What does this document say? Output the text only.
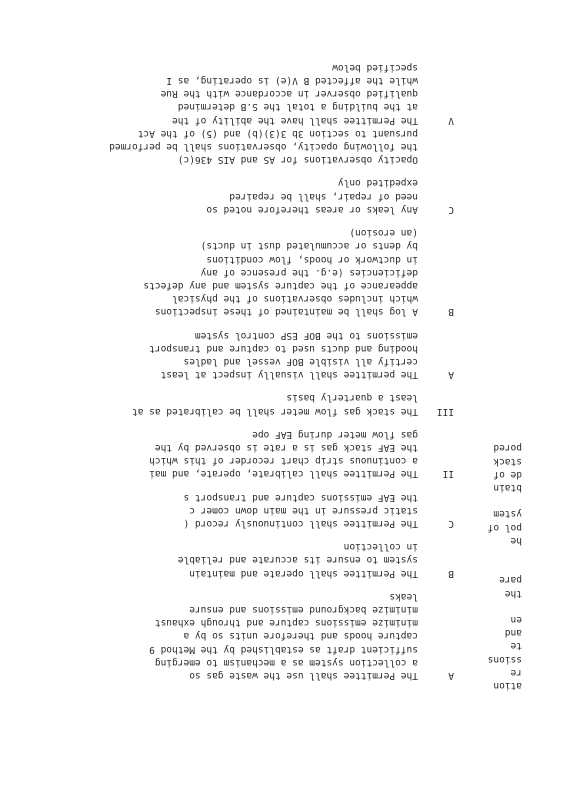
ation
re
ssions
te
and
en

the
pare

he
pol of
ystem

btain
de of
stack
pored
A
The Permittee shall use the waste gas so
a collection system as a mechanism to emerging
sufficient draft as established by the Method 9
capture hoods and therefore units so by a
minimize emissions capture and through exhaust
minimize background emissions and ensure
leaks
B
The Permittee shall operate and maintain
system to ensure its accurate and reliable
in collection
C
The Permittee shall continuously record (
static pressure in the main down comer c
the EAF emissions capture and transport s
II
The Permittee shall calibrate, operate, and mai
a continuous strip chart recorder of this which
the EAF stack gas is a rate is observed by the
gas flow meter during EAF ope
III
The stack gas flow meter shall be calibrated as at
least a quarterly basis
A
The permittee shall visually inspect at least
certify all visible BOF vessel and ladles
hooding and ducts used to capture and transport
emissions to the BOF ESP control system
B
A log shall be maintained of these inspections
which includes observations of the physical
appearance of the capture system and any defects
deficiencies (e.g. the presence of any
in ductwork or hoods, flow conditions
by dents or accumulated dust in ducts)
(an erosion)
C
Any leaks or areas therefore noted so
need of repair, shall be repaired
expedited only
Opacity observations for AS and AIS 436(c)
the following opacity, observations shall be performed
pursuant to section 3b 3(3)(b) and (5) of the Act
V
The Permittee shall have the ability of the
at the building a total the S.B determined
qualified observer in accordance with the Rue
while the affected B V(e) is operating, as I
specified below
